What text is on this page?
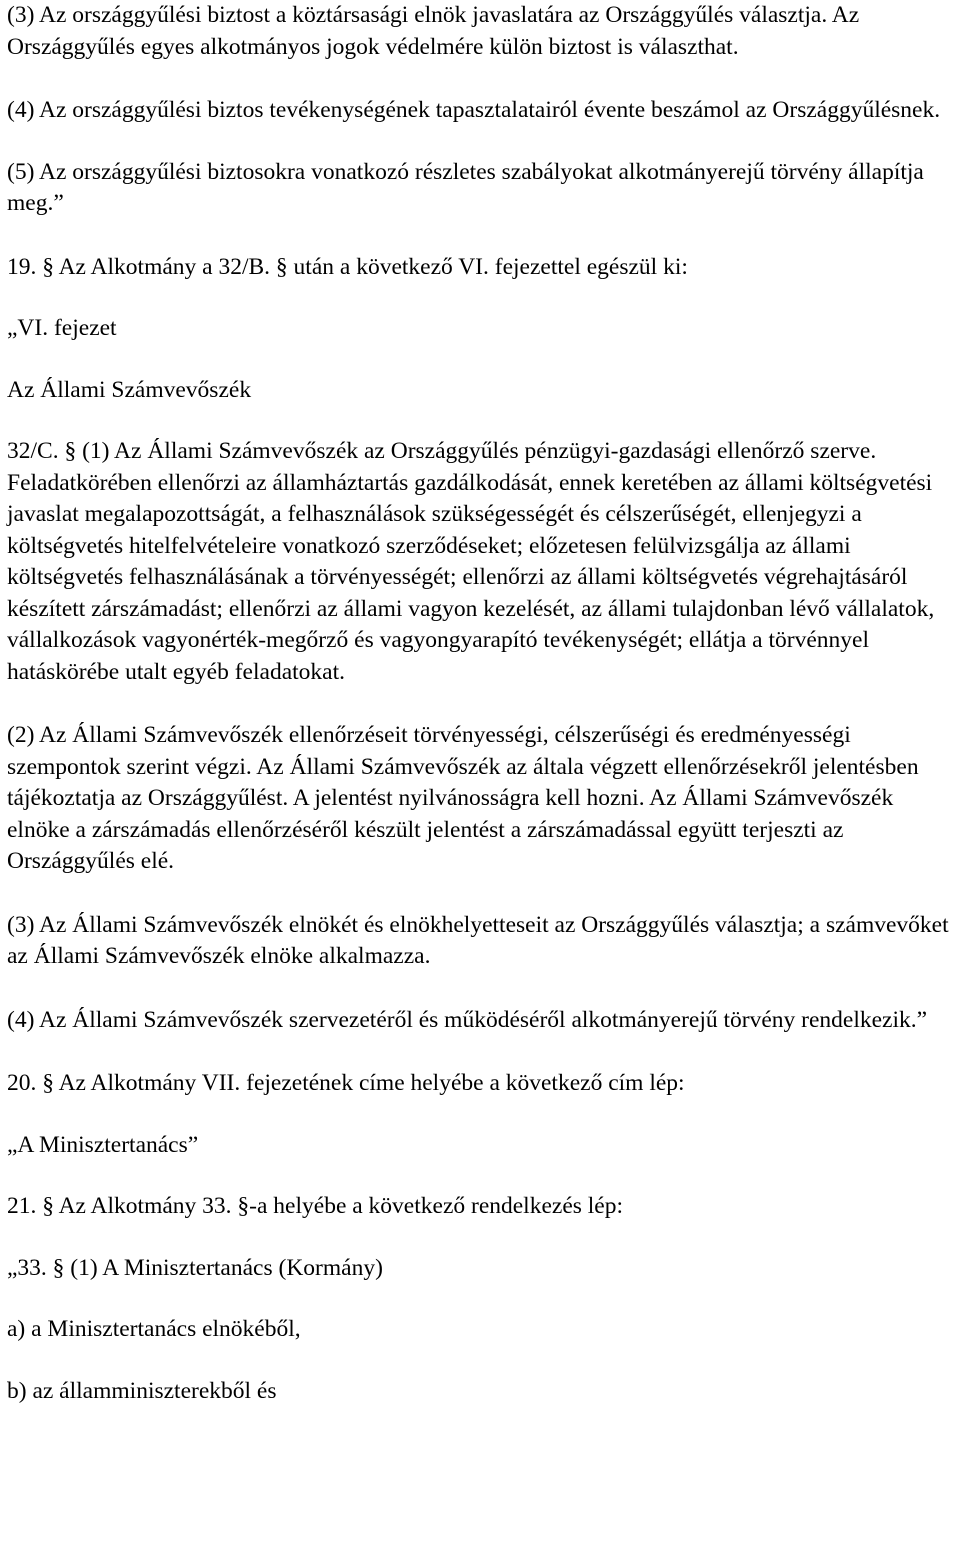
(3) Az országgyűlési biztost a köztársasági elnök javaslatára az Országgyűlés választja. Az Országgyűlés egyes alkotmányos jogok védelmére külön biztost is választhat.

(4) Az országgyűlési biztos tevékenységének tapasztalatairól évente beszámol az Országgyűlésnek.

(5) Az országgyűlési biztosokra vonatkozó részletes szabályokat alkotmányerejű törvény állapítja meg.”

19. § Az Alkotmány a 32/B. § után a következő VI. fejezettel egészül ki:

„VI. fejezet

Az Állami Számvevőszék

32/C. § (1) Az Állami Számvevőszék az Országgyűlés pénzügyi-gazdasági ellenőrző szerve. Feladatkörében ellenőrzi az államháztartás gazdálkodását, ennek keretében az állami költségvetési javaslat megalapozottságát, a felhasználások szükségességét és célszerűségét, ellenjegyzi a költségvetés hitelfelvételeire vonatkozó szerződéseket; előzetesen felülvizsgálja az állami költségvetés felhasználásának a törvényességét; ellenőrzi az állami költségvetés végrehajtásáról készített zárszámadást; ellenőrzi az állami vagyon kezelését, az állami tulajdonban lévő vállalatok, vállalkozások vagyonérték-megőrző és vagyongyarapító tevékenységét; ellátja a törvénnyel hatáskörébe utalt egyéb feladatokat.

(2) Az Állami Számvevőszék ellenőrzéseit törvényességi, célszerűségi és eredményességi szempontok szerint végzi. Az Állami Számvevőszék az általa végzett ellenőrzésekről jelentésben tájékoztatja az Országgyűlést. A jelentést nyilvánosságra kell hozni. Az Állami Számvevőszék elnöke a zárszámadás ellenőrzéséről készült jelentést a zárszámadással együtt terjeszti az Országgyűlés elé.

(3) Az Állami Számvevőszék elnökét és elnökhelyetteseit az Országgyűlés választja; a számvevőket az Állami Számvevőszék elnöke alkalmazza.

(4) Az Állami Számvevőszék szervezetéről és működéséről alkotmányerejű törvény rendelkezik.”

20. § Az Alkotmány VII. fejezetének címe helyébe a következő cím lép:

„A Minisztertanács”

21. § Az Alkotmány 33. §-a helyébe a következő rendelkezés lép:

„33. § (1) A Minisztertanács (Kormány)

a) a Minisztertanács elnökéből,

b) az államminiszterekből és
